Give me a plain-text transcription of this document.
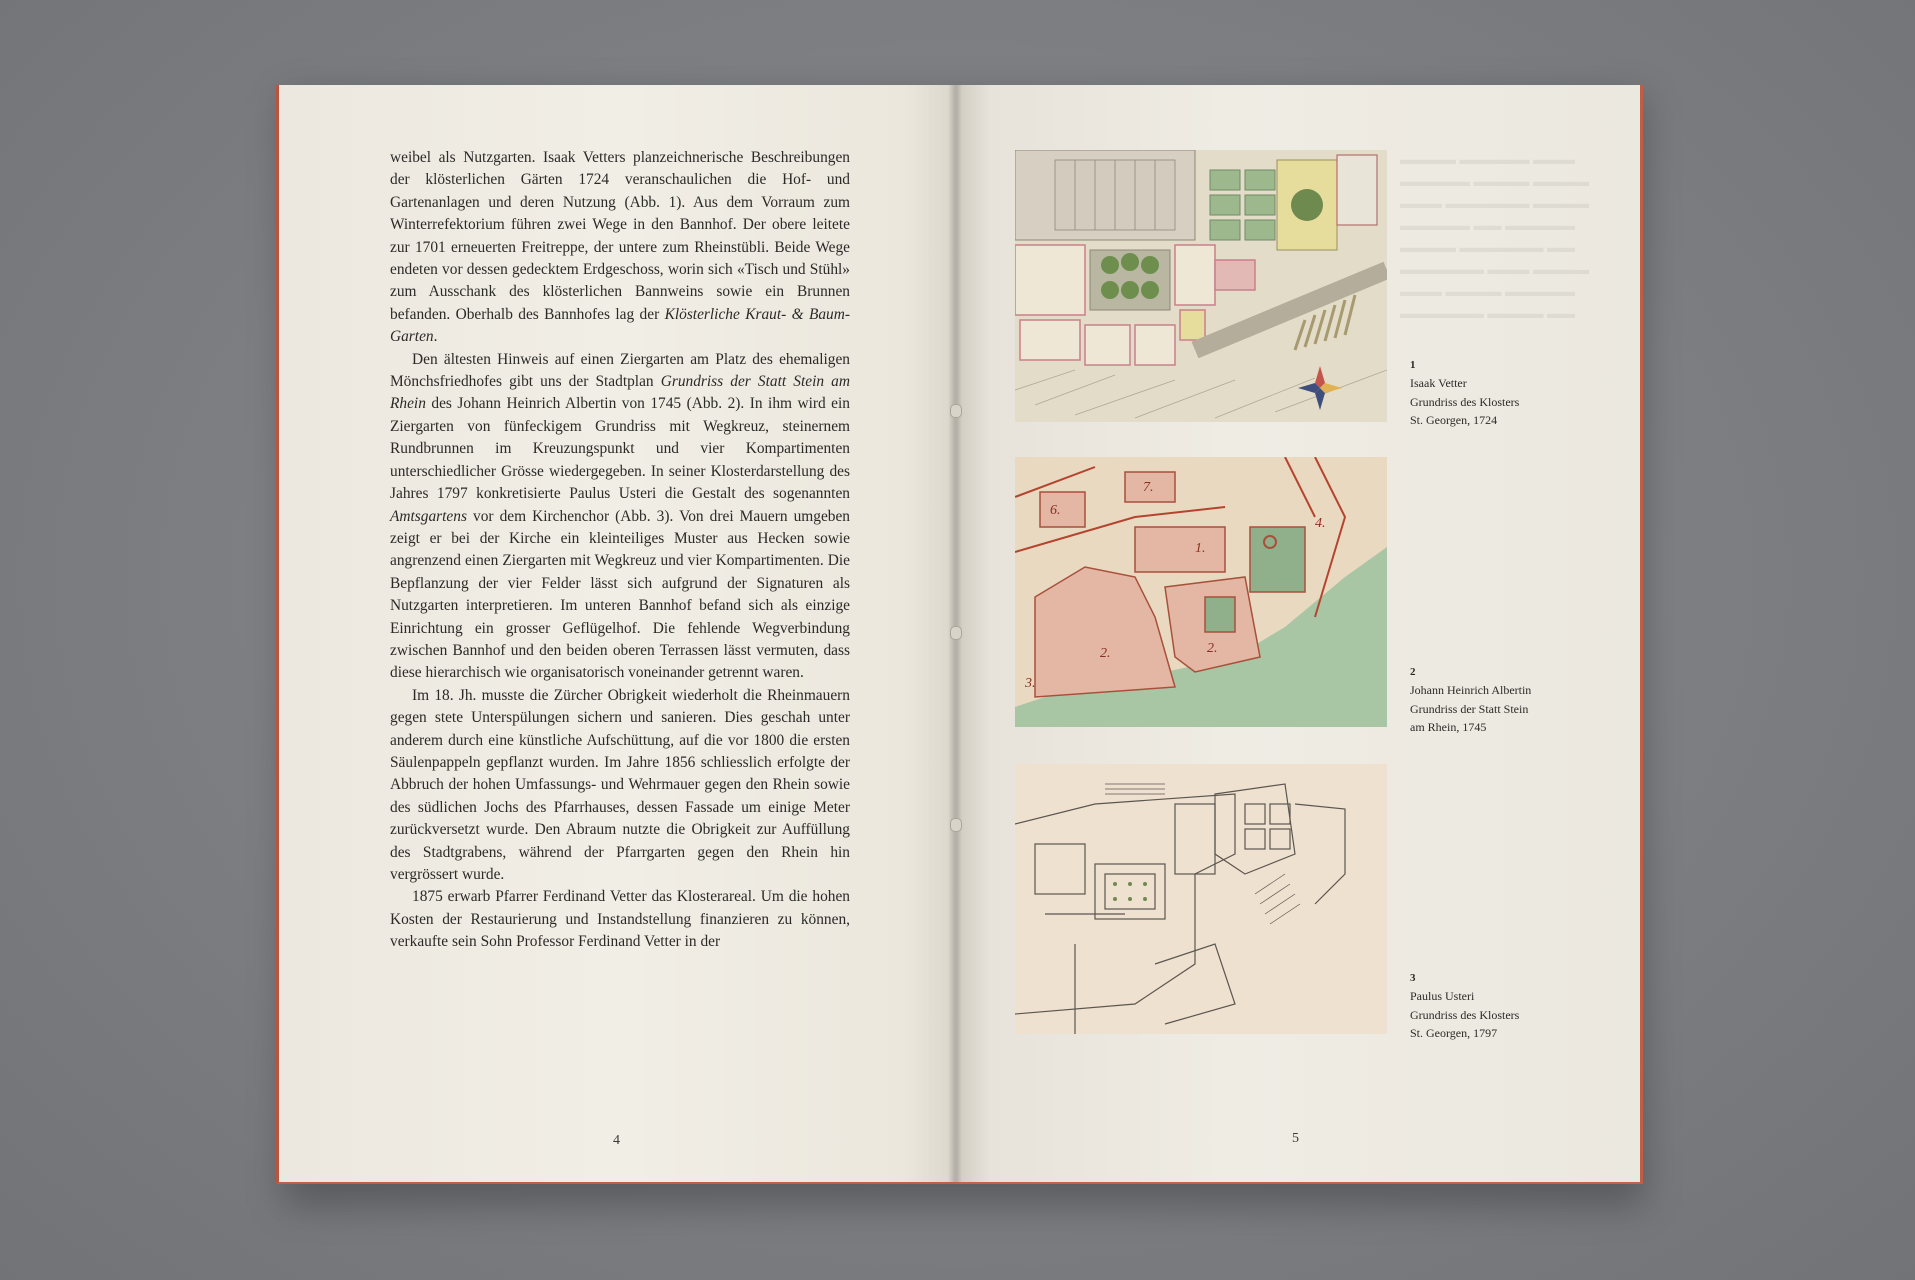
weibel als Nutzgarten. Isaak Vetters planzeichnerische Beschreibungen der klösterlichen Gärten 1724 veranschaulichen die Hof- und Gartenanlagen und deren Nutzung (Abb. 1). Aus dem Vorraum zum Winterrefektorium führen zwei Wege in den Bannhof. Der obere leitete zur 1701 erneuerten Freitreppe, der untere zum Rheinstübli. Beide Wege endeten vor dessen gedecktem Erdgeschoss, worin sich «Tisch und Stühl» zum Ausschank des klösterlichen Bannweins sowie ein Brunnen befanden. Oberhalb des Bannhofes lag der Klösterliche Kraut- & Baum-Garten.

Den ältesten Hinweis auf einen Ziergarten am Platz des ehemaligen Mönchsfriedhofes gibt uns der Stadtplan Grundriss der Statt Stein am Rhein des Johann Heinrich Albertin von 1745 (Abb. 2). In ihm wird ein Ziergarten von fünfeckigem Grundriss mit Wegkreuz, steinernem Rundbrunnen im Kreuzungspunkt und vier Kompartimenten unterschiedlicher Grösse wiedergegeben. In seiner Klosterdarstellung des Jahres 1797 konkretisierte Paulus Usteri die Gestalt des sogenannten Amtsgartens vor dem Kirchenchor (Abb. 3). Von drei Mauern umgeben zeigt er bei der Kirche ein kleinteiliges Muster aus Hecken sowie angrenzend einen Ziergarten mit Wegkreuz und vier Kompartimenten. Die Bepflanzung der vier Felder lässt sich aufgrund der Signaturen als Nutzgarten interpretieren. Im unteren Bannhof befand sich als einzige Einrichtung ein grosser Geflügelhof. Die fehlende Wegverbindung zwischen Bannhof und den beiden oberen Terrassen lässt vermuten, dass diese hierarchisch wie organisatorisch voneinander getrennt waren.

Im 18. Jh. musste die Zürcher Obrigkeit wiederholt die Rheinmauern gegen stete Unterspülungen sichern und sanieren. Dies geschah unter anderem durch eine künstliche Aufschüttung, auf die vor 1800 die ersten Säulenpappeln gepflanzt wurden. Im Jahre 1856 schliesslich erfolgte der Abbruch der hohen Umfassungs- und Wehrmauer gegen den Rhein sowie des südlichen Jochs des Pfarrhauses, dessen Fassade um einige Meter zurückversetzt wurde. Den Abraum nutzte die Obrigkeit zur Auffüllung des Stadtgrabens, während der Pfarrgarten gegen den Rhein hin vergrössert wurde.

1875 erwarb Pfarrer Ferdinand Vetter das Klosterareal. Um die hohen Kosten der Restaurierung und Instandstellung finanzieren zu können, verkaufte sein Sohn Professor Ferdinand Vetter in der

4	5
▬▬▬▬ ▬▬▬▬▬ ▬▬▬
▬▬▬▬▬ ▬▬▬▬ ▬▬▬▬
▬▬▬ ▬▬▬▬▬▬ ▬▬▬▬
▬▬▬▬▬ ▬▬ ▬▬▬▬▬
▬▬▬▬ ▬▬▬▬▬▬ ▬▬
▬▬▬▬▬▬ ▬▬▬ ▬▬▬▬
▬▬▬ ▬▬▬▬ ▬▬▬▬▬
▬▬▬▬▬▬ ▬▬▬▬ ▬▬
1
Isaak Vetter
Grundriss des Klosters
St. Georgen, 1724
6.
7.
1.
4.
2.	2.
3.
2
Johann Heinrich Albertin
Grundriss der Statt Stein
am Rhein, 1745
3
Paulus Usteri
Grundriss des Klosters
St. Georgen, 1797
